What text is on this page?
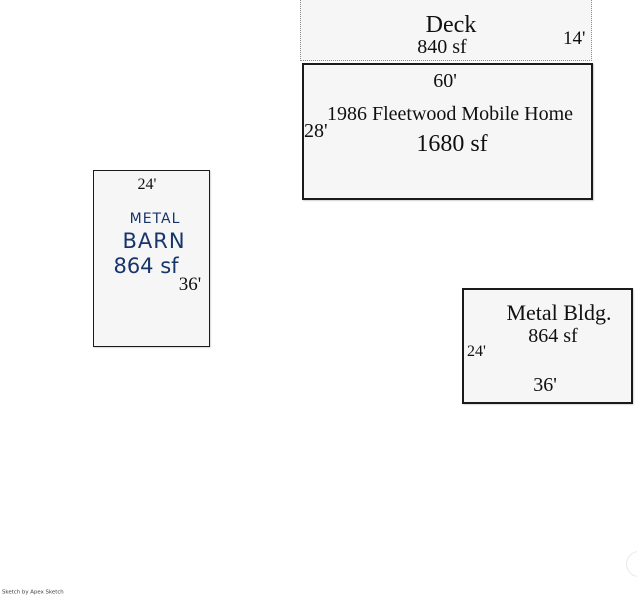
Deck
840 sf	14'
60'
1986 Fleetwood Mobile Home
1680 sf
28'
24'
METAL
BARN
864 sf
36'
Metal Bldg.
864 sf
24'
36'
Sketch by Apex Sketch
